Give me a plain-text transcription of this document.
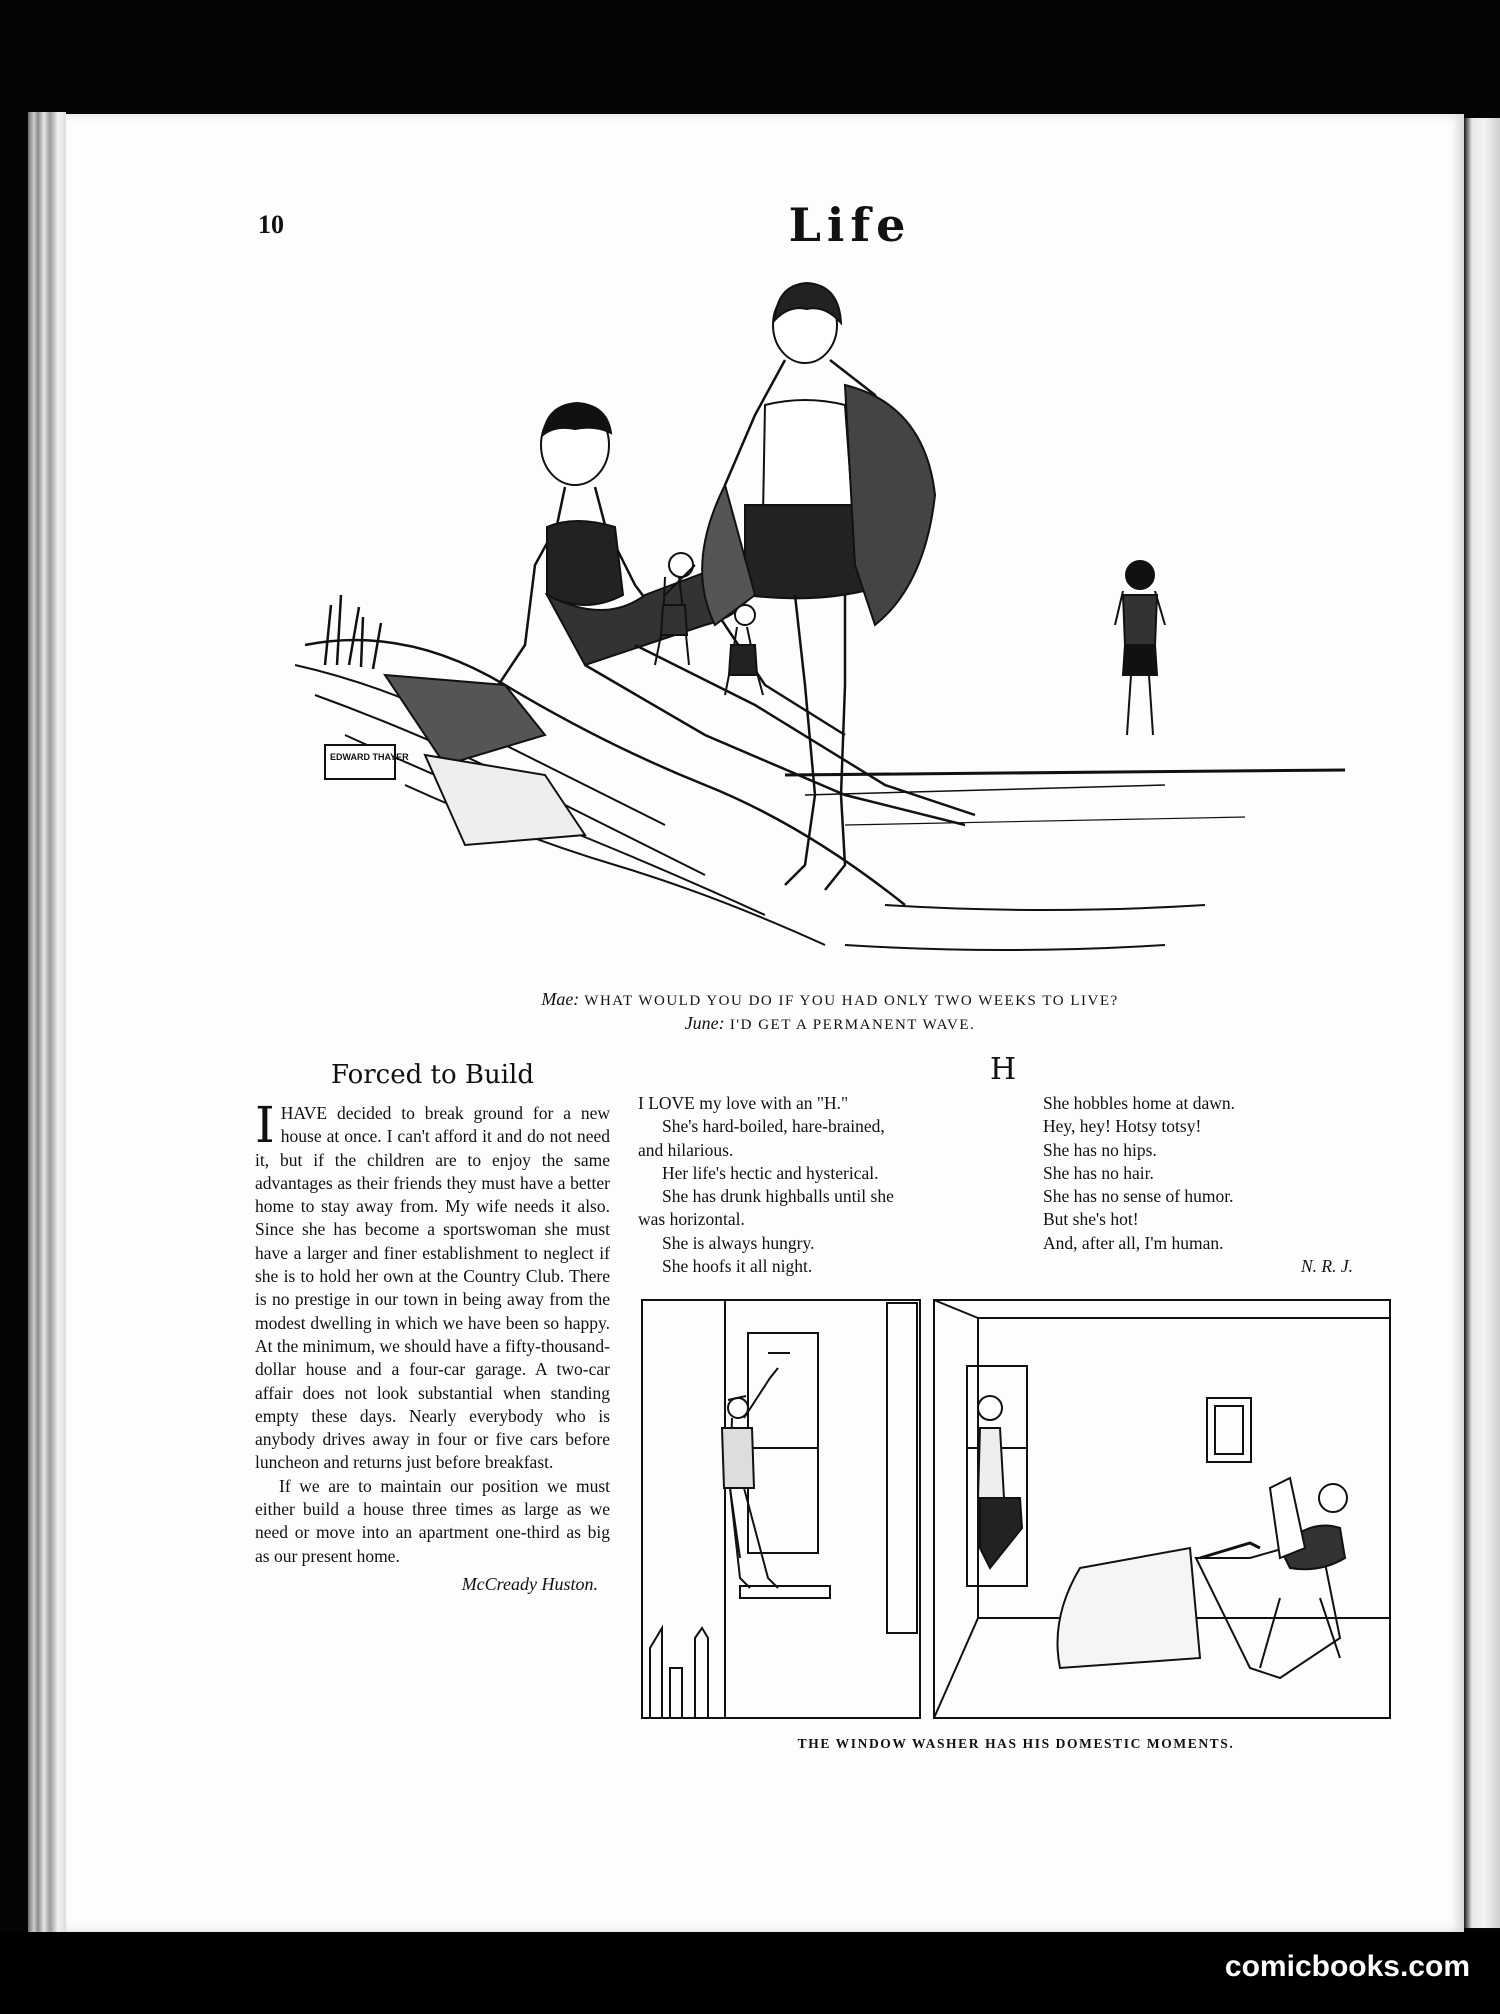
10	Life
EDWARD THAYER
Mae: WHAT WOULD YOU DO IF YOU HAD ONLY TWO WEEKS TO LIVE?
June: I'D GET A PERMANENT WAVE.
Forced to Build

IHAVE decided to break ground for a new house at once. I can't afford it and do not need it, but if the children are to enjoy the same advantages as their friends they must have a better home to stay away from. My wife needs it also. Since she has become a sportswoman she must have a larger and finer establishment to neglect if she is to hold her own at the Country Club. There is no prestige in our town in being away from the modest dwelling in which we have been so happy. At the minimum, we should have a fifty-thousand-dollar house and a four-car garage. A two-car affair does not look substantial when standing empty these days. Nearly everybody who is anybody drives away in four or five cars before luncheon and returns just before breakfast.

If we are to maintain our position we must either build a house three times as large as we need or move into an apartment one-third as big as our present home.

McCready Huston.
H
I LOVE my love with an "H."
She's hard-boiled, hare-brained,
and hilarious.
Her life's hectic and hysterical.
She has drunk highballs until she
was horizontal.
She is always hungry.
She hoofs it all night.
She hobbles home at dawn.
Hey, hey! Hotsy totsy!
She has no hips.
She has no hair.
She has no sense of humor.
But she's hot!
And, after all, I'm human.
N. R. J.
THE WINDOW WASHER HAS HIS DOMESTIC MOMENTS.
comicbooks.com
